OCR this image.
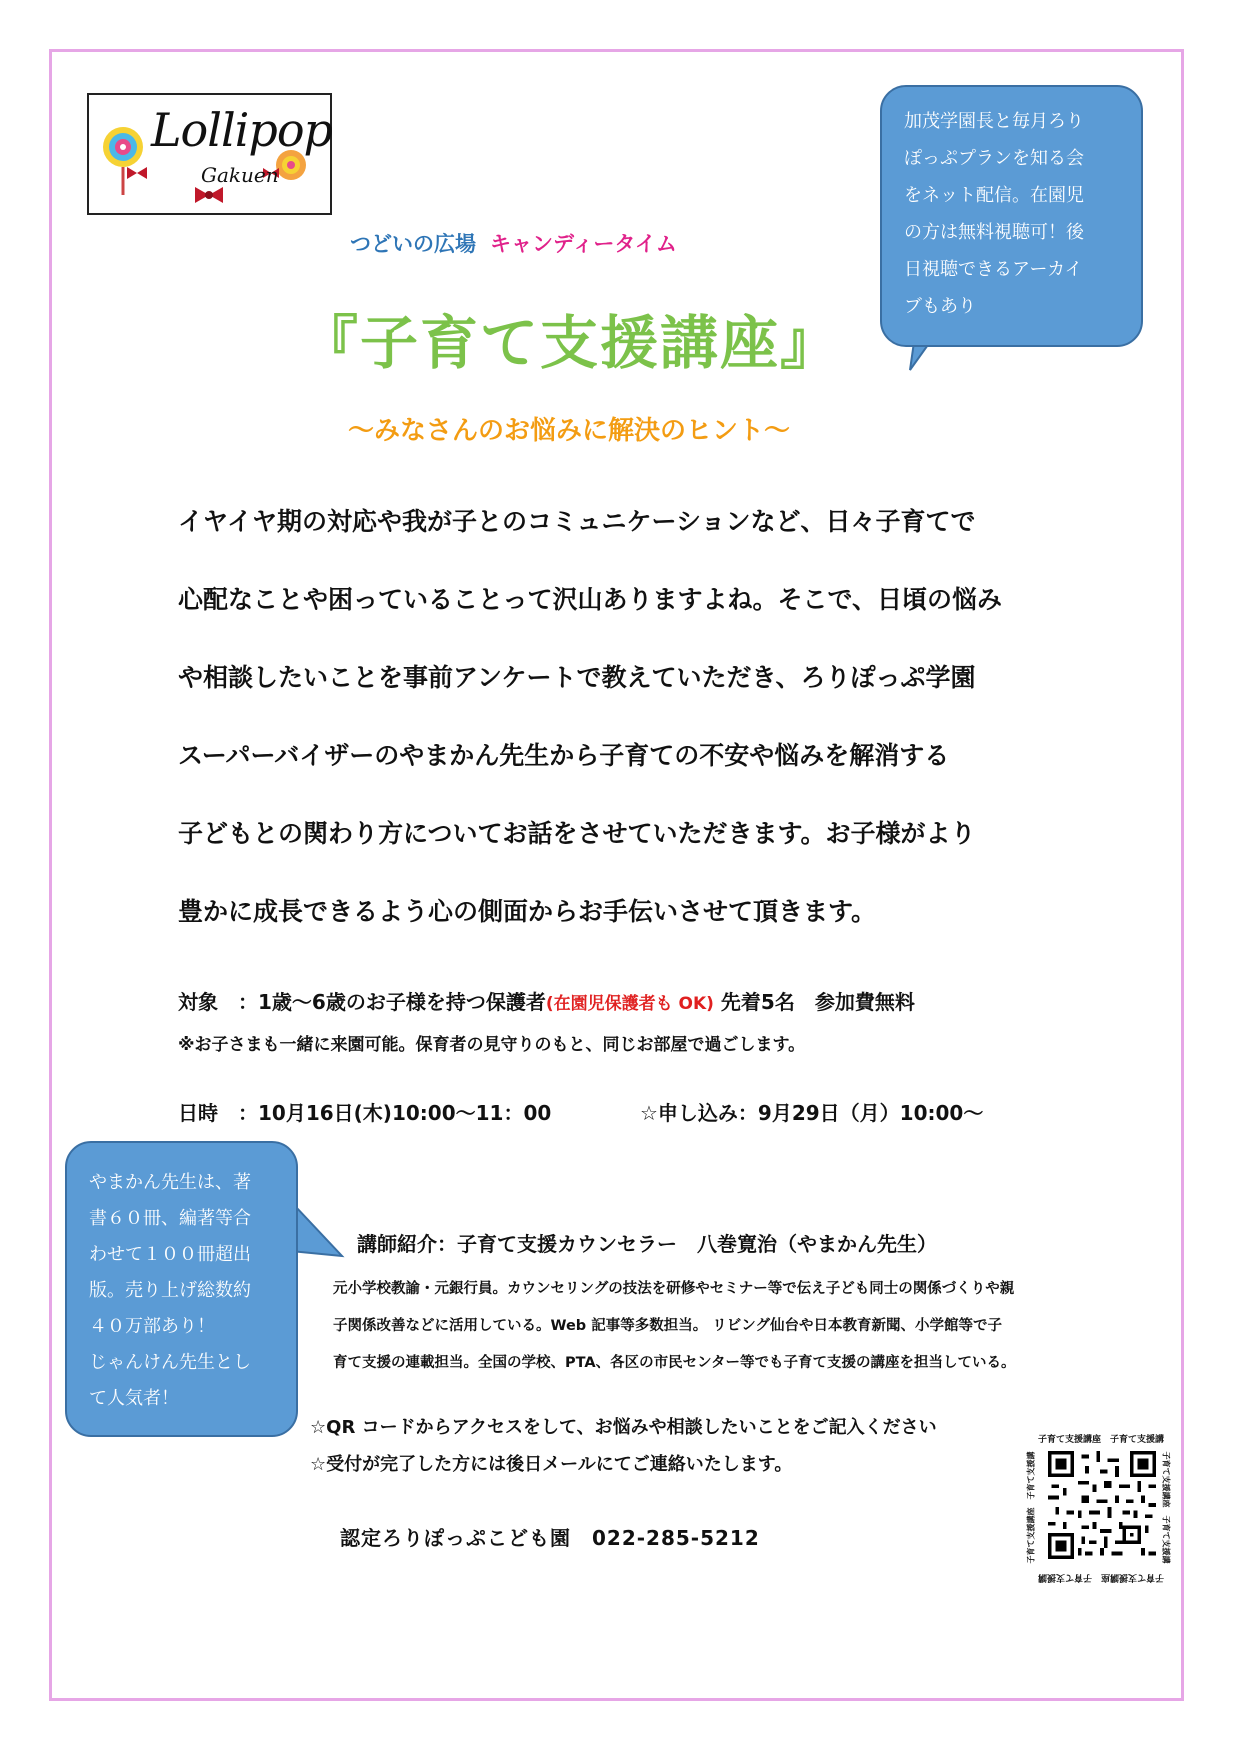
Lollipop
Gakuen
加茂学園長と毎月ろり
ぽっぷプランを知る会
をネット配信。在園児
の方は無料視聴可！後
日視聴できるアーカイ
ブもあり
つどいの広場 キャンディータイム
『子育て支援講座』
～みなさんのお悩みに解決のヒント～
イヤイヤ期の対応や我が子とのコミュニケーションなど、日々子育てで
心配なことや困っていることって沢山ありますよね。そこで、日頃の悩み
や相談したいことを事前アンケートで教えていただき、ろりぽっぷ学園
スーパーバイザーのやまかん先生から子育ての不安や悩みを解消する
子どもとの関わり方についてお話をさせていただきます。お子様がより
豊かに成長できるよう心の側面からお手伝いさせて頂きます。
対象　：1歳～6歳のお子様を持つ保護者(在園児保護者も OK) 先着5名　参加費無料
※お子さまも一緒に来園可能。保育者の見守りのもと、同じお部屋で過ごします。
日時　：10月16日(木)10:00～11：00	☆申し込み：9月29日（月）10:00～
やまかん先生は、著
書６０冊、編著等合
わせて１００冊超出
版。売り上げ総数約
４０万部あり！
じゃんけん先生とし
て人気者！
講師紹介：子育て支援カウンセラー　八巻寛治（やまかん先生）
元小学校教諭・元銀行員。カウンセリングの技法を研修やセミナー等で伝え子ども同士の関係づくりや親
子関係改善などに活用している。Web 記事等多数担当。 リビング仙台や日本教育新聞、小学館等で子
育て支援の連載担当。全国の学校、PTA、各区の市民センター等でも子育て支援の講座を担当している。
☆QR コードからアクセスをして、お悩みや相談したいことをご記入ください
☆受付が完了した方には後日メールにてご連絡いたします。
認定ろりぽっぷこども園　022-285-5212
子育て支援講座　子育て支援講
子育て支援講座　子育て支援講
子育て支援講座　子育て支援講	子育て支援講座　子育て支援講
